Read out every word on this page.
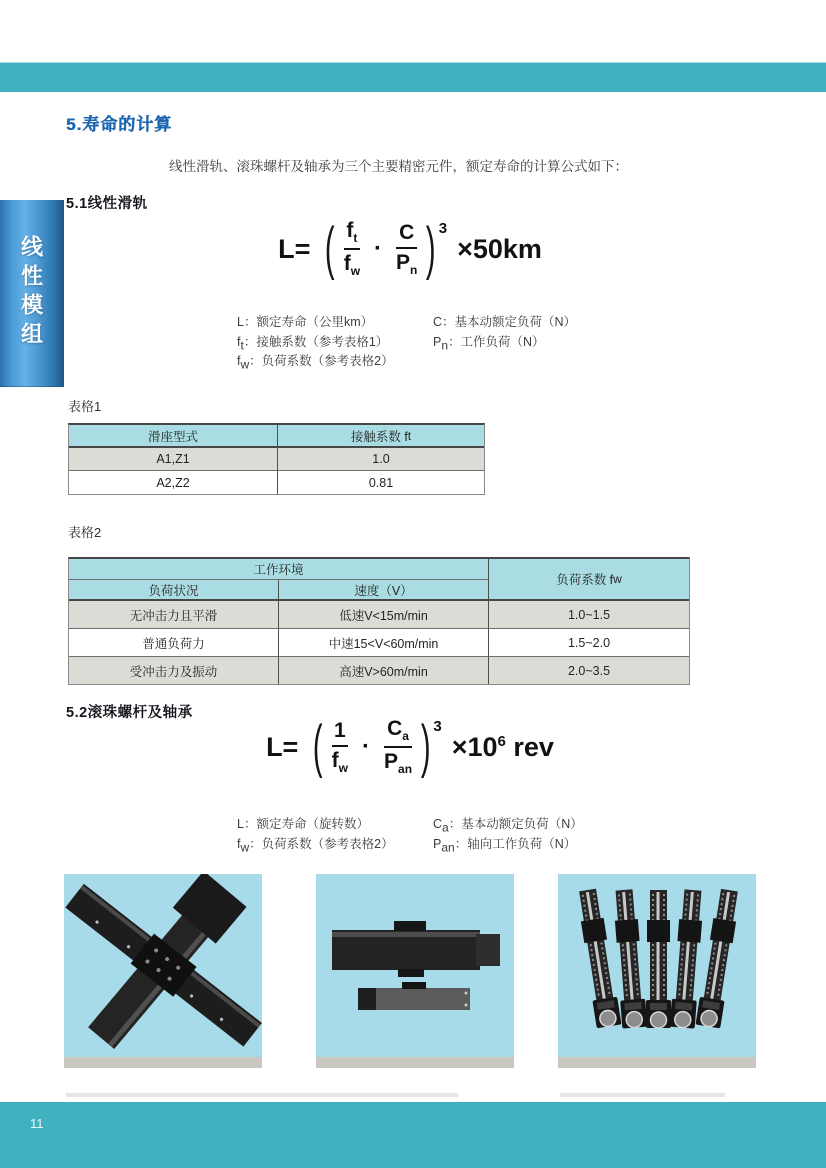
线性模组
5.寿命的计算
线性滑轨、滚珠螺杆及轴承为三个主要精密元件，额定寿命的计算公式如下：
5.1线性滑轨
L= ( $\frac{f_t}{f_w} \cdot \frac{C}{P_n}$ ) 3
×50km
L：额定寿命（公里km）	C：基本动额定负荷（N）
$f_t$：接触系数（参考表格1）	$P_n$：工作负荷（N）
$f_w$：负荷系数（参考表格2）
表格1
滑座型式	接触系数 f t
A1,Z1	1.0
A2,Z2	0.81
表格2
工作环境
负荷系数 f w
负荷状况	速度（V）
无冲击力且平滑	低速V<15m/min	1.0~1.5
普通负荷力	中速15<V<60m/min	1.5~2.0
受冲击力及振动	高速V>60m/min	2.0~3.5
5.2滚珠螺杆及轴承
L= ( $\frac{1}{f_w} \cdot \frac{C_a}{P_{an}}$ ) 3
$\times 10^6$ rev
L：额定寿命（旋转数）	$C_a$：基本动额定负荷（N）
$f_w$：负荷系数（参考表格2）	$P_{an}$：轴向工作负荷（N）
11
